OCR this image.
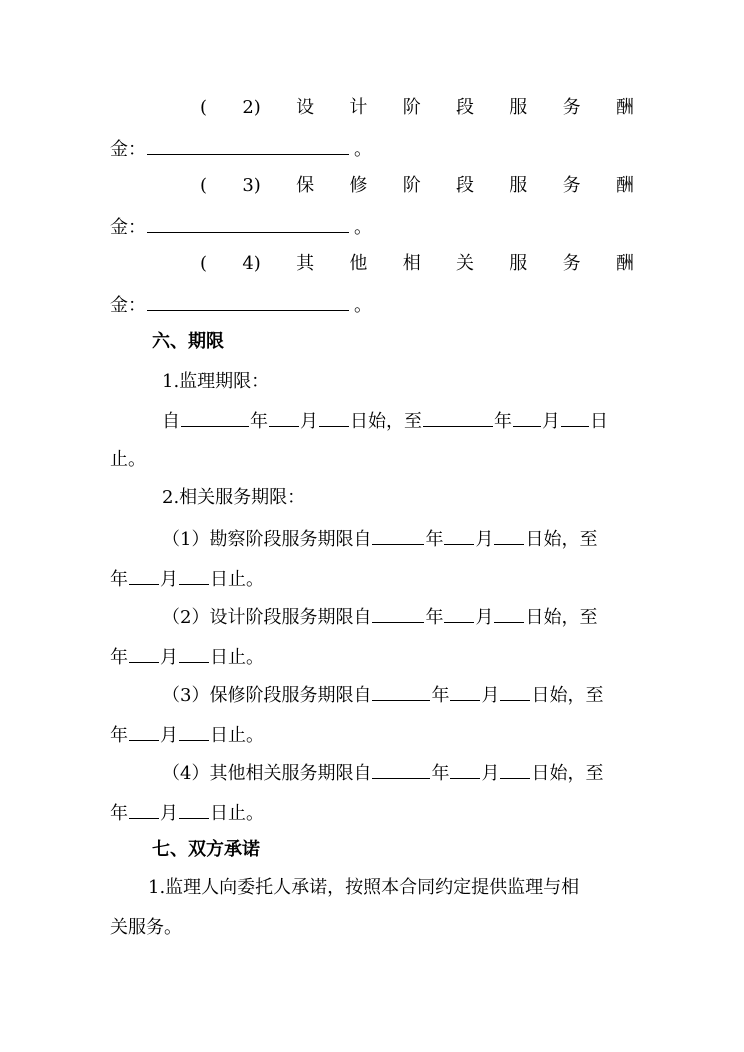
( 2) 设 计 阶 段 服 务 酬
金：	。
( 3) 保 修 阶 段 服 务 酬
金：	。
( 4) 其 他 相 关 服 务 酬
金：	。
六、期限
1.监理期限：
自	年 月 日始，至	年 月 日
止。
2.相关服务期限：
（1）勘察阶段服务期限自	年 月 日始，至
年 月 日止。
（2）设计阶段服务期限自	年 月 日始，至
年 月 日止。
（3）保修阶段服务期限自	年 月 日始，至
年 月 日止。
（4）其他相关服务期限自	年 月 日始，至
年 月 日止。
七、双方承诺
1.监理人向委托人承诺，按照本合同约定提供监理与相
关服务。
